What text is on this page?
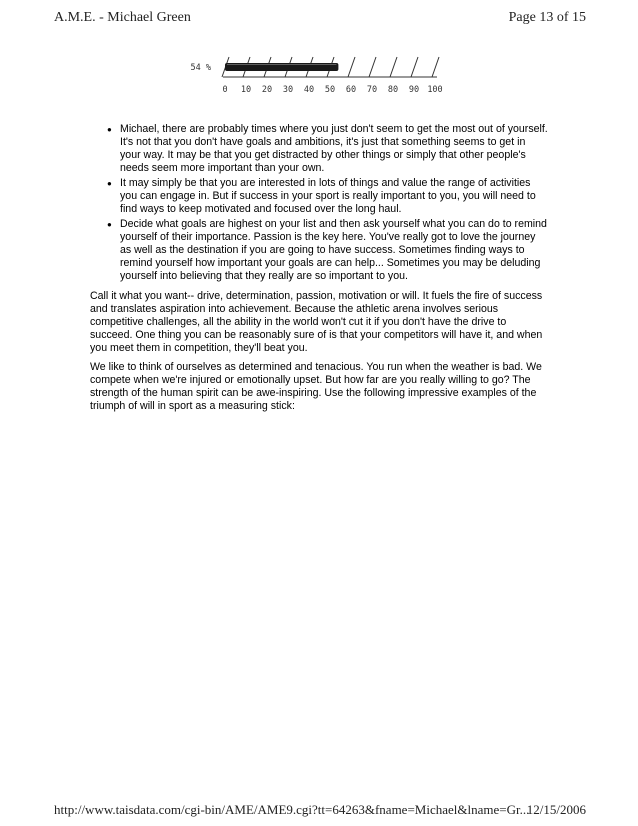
A.M.E. - Michael Green	Page 13 of 15
54 %
0 10 20 30 40 50 60 70 80 90 100
● Michael, there are probably times where you just don't seem to get the most out of yourself. It's not that you don't have goals and ambitions, it's just that something seems to get in your way. It may be that you get distracted by other things or simply that other people's needs seem more important than your own.
● It may simply be that you are interested in lots of things and value the range of activities you can engage in. But if success in your sport is really important to you, you will need to find ways to keep motivated and focused over the long haul.
● Decide what goals are highest on your list and then ask yourself what you can do to remind yourself of their importance. Passion is the key here. You've really got to love the journey as well as the destination if you are going to have success. Sometimes finding ways to remind yourself how important your goals are can help... Sometimes you may be deluding yourself into believing that they really are so important to you.

Call it what you want-- drive, determination, passion, motivation or will. It fuels the fire of success and translates aspiration into achievement. Because the athletic arena involves serious competitive challenges, all the ability in the world won't cut it if you don't have the drive to succeed. One thing you can be reasonably sure of is that your competitors will have it, and when you meet them in competition, they'll beat you.

We like to think of ourselves as determined and tenacious. You run when the weather is bad. We compete when we're injured or emotionally upset. But how far are you really willing to go? The strength of the human spirit can be awe-inspiring. Use the following impressive examples of the triumph of will in sport as a measuring stick:

http://www.taisdata.com/cgi-bin/AME/AME9.cgi?tt=64263&fname=Michael&lname=Gr...
12/15/2006
